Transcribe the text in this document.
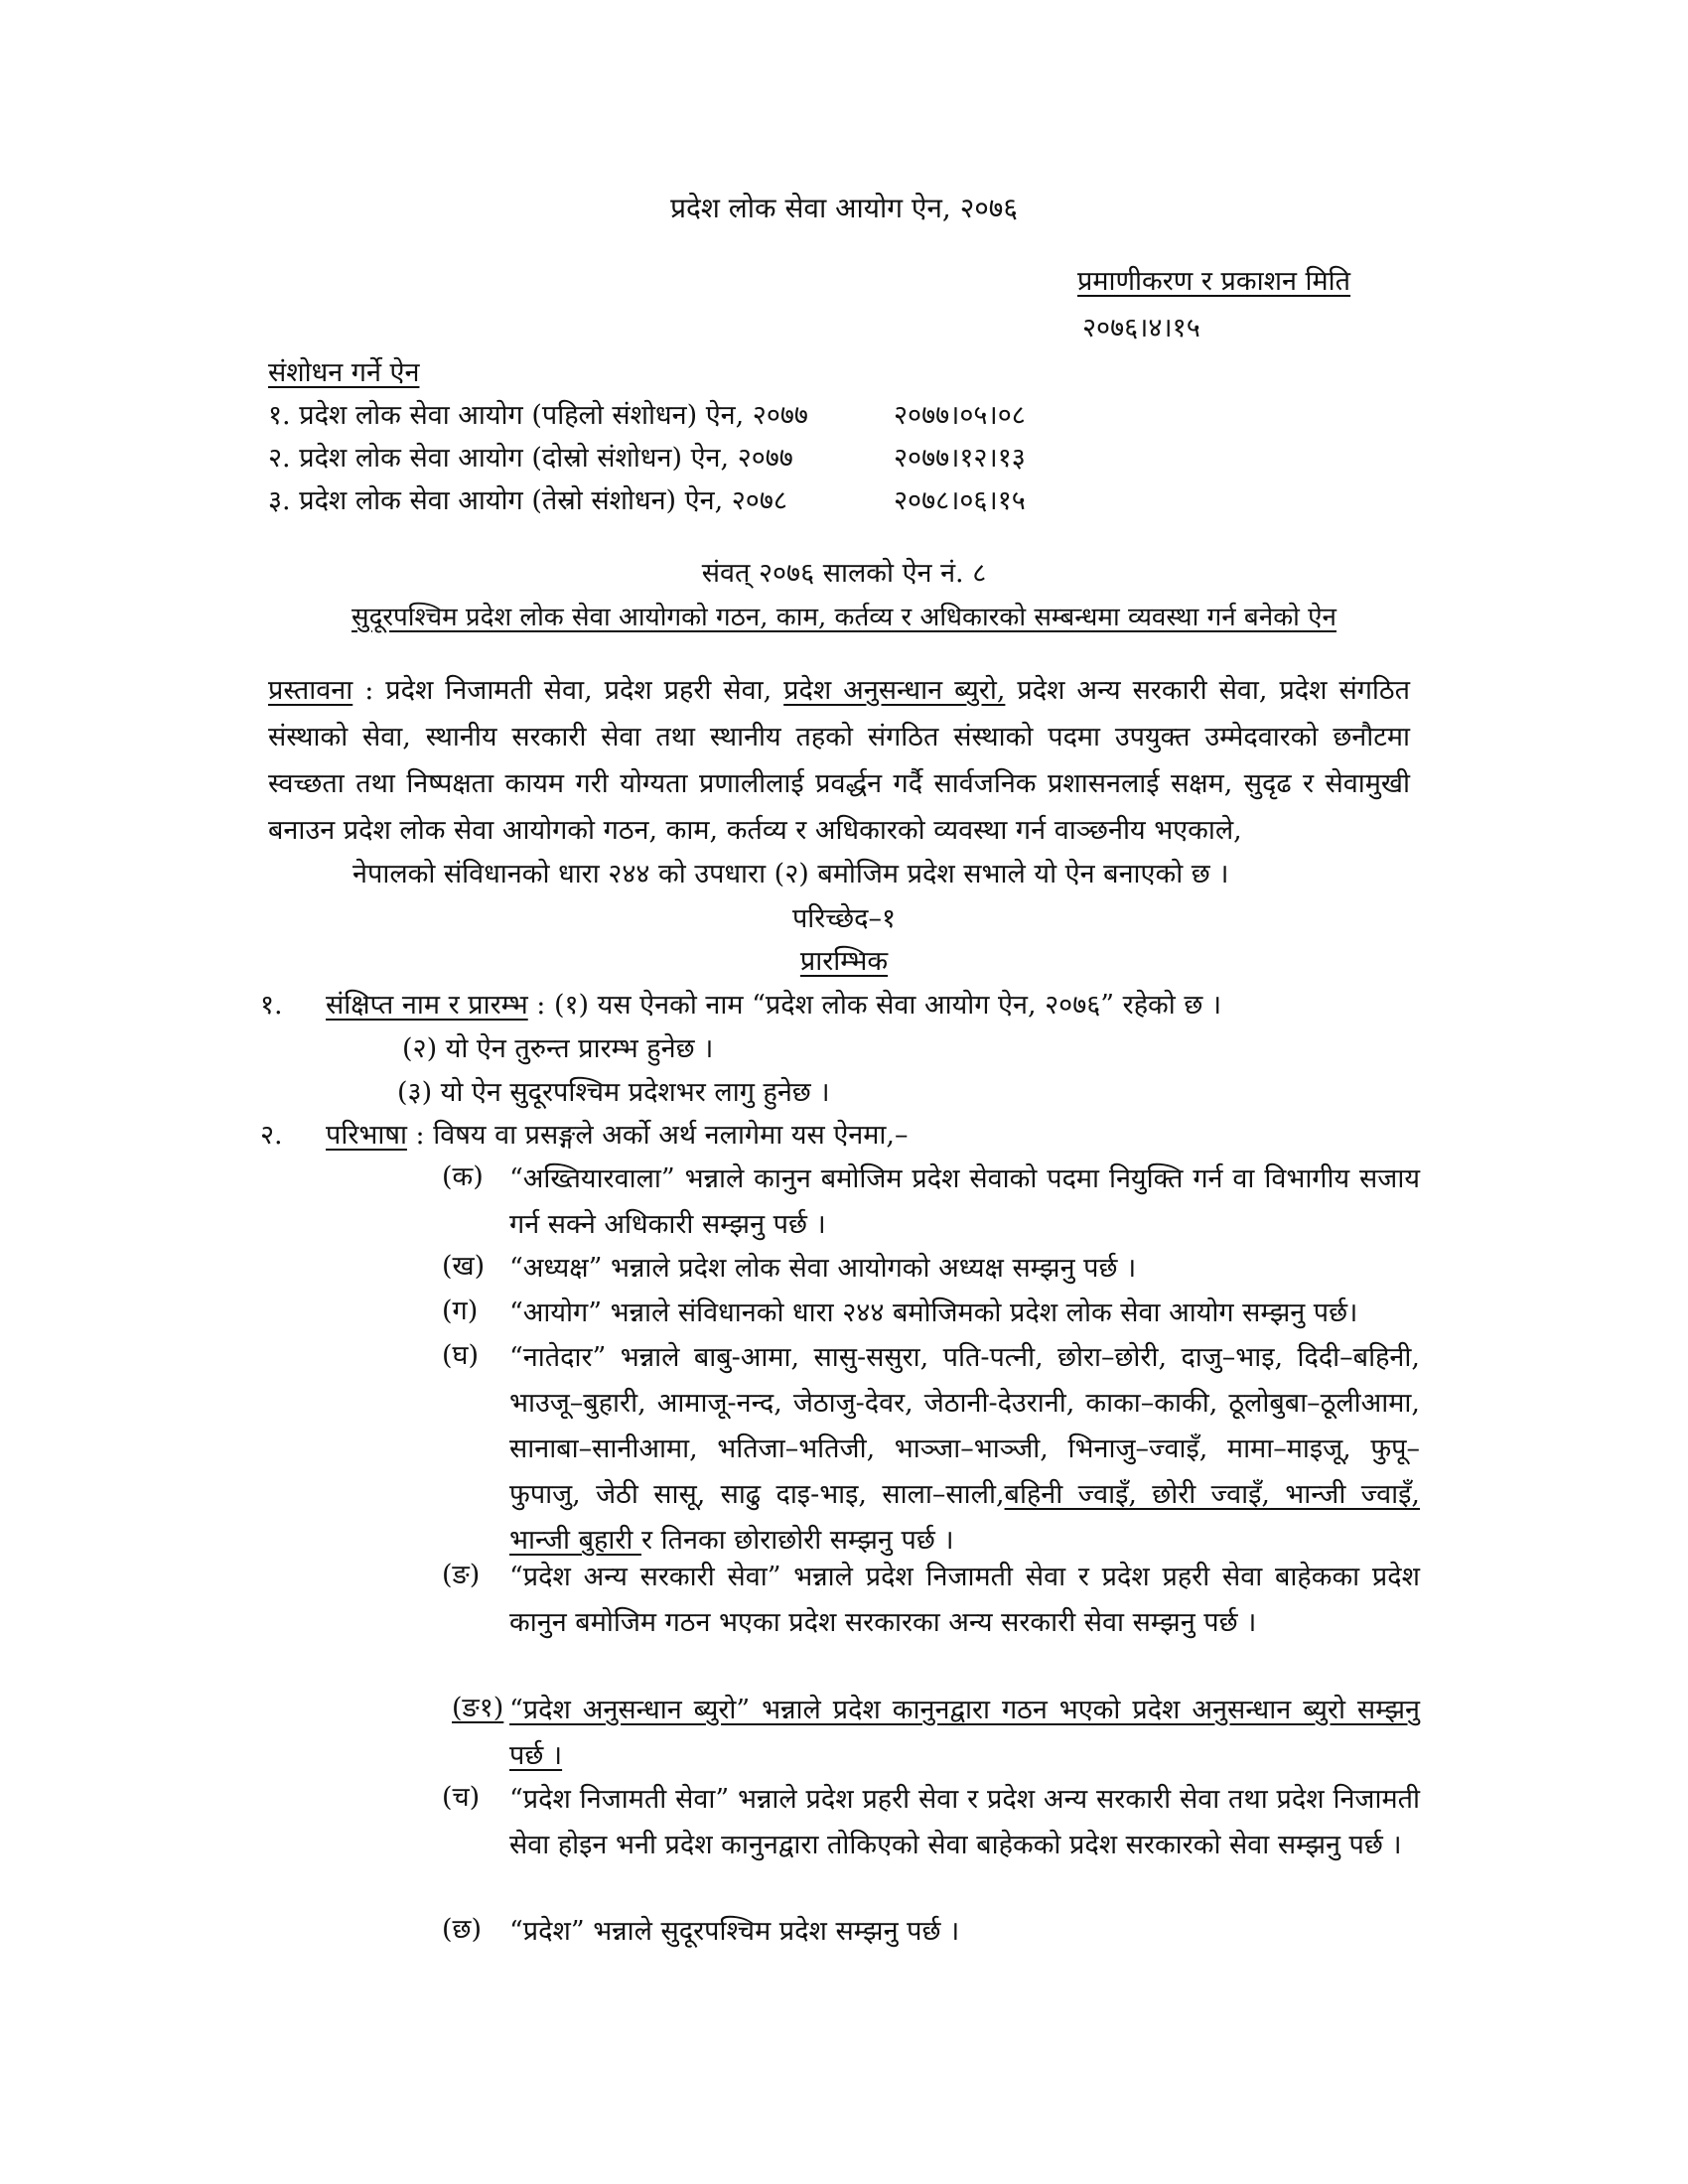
प्रदेश लोक सेवा आयोग ऐन, २०७६
प्रमाणीकरण र प्रकाशन मिति
२०७६।४।१५
संशोधन गर्ने ऐन
१. प्रदेश लोक सेवा आयोग (पहिलो संशोधन) ऐन, २०७७	२०७७।०५।०८
२. प्रदेश लोक सेवा आयोग (दोस्रो संशोधन) ऐन, २०७७	२०७७।१२।१३
३. प्रदेश लोक सेवा आयोग (तेस्रो संशोधन) ऐन, २०७८	२०७८।०६।१५
संवत् २०७६ सालको ऐन नं. ८
सुदूरपश्चिम प्रदेश लोक सेवा आयोगको गठन, काम, कर्तव्य र अधिकारको सम्बन्धमा व्यवस्था गर्न बनेको ऐन
प्रस्तावना : प्रदेश निजामती सेवा, प्रदेश प्रहरी सेवा, प्रदेश अनुसन्धान ब्युरो, प्रदेश अन्य सरकारी सेवा, प्रदेश संगठित संस्थाको सेवा, स्थानीय सरकारी सेवा तथा स्थानीय तहको संगठित संस्थाको पदमा उपयुक्त उम्मेदवारको छनौटमा स्वच्छता तथा निष्पक्षता कायम गरी योग्यता प्रणालीलाई प्रवर्द्धन गर्दै सार्वजनिक प्रशासनलाई सक्षम, सुदृढ र सेवामुखी बनाउन प्रदेश लोक सेवा आयोगको गठन, काम, कर्तव्य र अधिकारको व्यवस्था गर्न वाञ्छनीय भएकाले,
नेपालको संविधानको धारा २४४ को उपधारा (२) बमोजिम प्रदेश सभाले यो ऐन बनाएको छ ।
परिच्छेद–१
प्रारम्भिक
१. संक्षिप्त नाम र प्रारम्भ : (१) यस ऐनको नाम “प्रदेश लोक सेवा आयोग ऐन, २०७६” रहेको छ ।
(२) यो ऐन तुरुन्त प्रारम्भ हुनेछ ।
(३) यो ऐन सुदूरपश्चिम प्रदेशभर लागु हुनेछ ।
२. परिभाषा : विषय वा प्रसङ्गले अर्को अर्थ नलागेमा यस ऐनमा,–
(क) “अख्तियारवाला” भन्नाले कानुन बमोजिम प्रदेश सेवाको पदमा नियुक्ति गर्न वा विभागीय सजाय गर्न सक्ने अधिकारी सम्झनु पर्छ ।
(ख) “अध्यक्ष” भन्नाले प्रदेश लोक सेवा आयोगको अध्यक्ष सम्झनु पर्छ ।
(ग) “आयोग” भन्नाले संविधानको धारा २४४ बमोजिमको प्रदेश लोक सेवा आयोग सम्झनु पर्छ।
(घ) “नातेदार” भन्नाले बाबु-आमा, सासु-ससुरा, पति-पत्नी, छोरा–छोरी, दाजु–भाइ, दिदी–बहिनी, भाउजू–बुहारी, आमाजू-नन्द, जेठाजु-देवर, जेठानी-देउरानी, काका–काकी, ठूलोबुबा–ठूलीआमा, सानाबा–सानीआमा, भतिजा–भतिजी, भाञ्जा–भाञ्जी, भिनाजु–ज्वाइँ, मामा–माइजू, फुपू–फुपाजु, जेठी सासू, साढु दाइ-भाइ, साला–साली,बहिनी ज्वाइँ, छोरी ज्वाइँ, भान्जी ज्वाइँ, भान्जी बुहारी र तिनका छोराछोरी सम्झनु पर्छ ।
(ङ) “प्रदेश अन्य सरकारी सेवा” भन्नाले प्रदेश निजामती सेवा र प्रदेश प्रहरी सेवा बाहेकका प्रदेश कानुन बमोजिम गठन भएका प्रदेश सरकारका अन्य सरकारी सेवा सम्झनु पर्छ ।
(ङ१) “प्रदेश अनुसन्धान ब्युरो” भन्नाले प्रदेश कानुनद्वारा गठन भएको प्रदेश अनुसन्धान ब्युरो सम्झनु पर्छ ।
(च) “प्रदेश निजामती सेवा” भन्नाले प्रदेश प्रहरी सेवा र प्रदेश अन्य सरकारी सेवा तथा प्रदेश निजामती सेवा होइन भनी प्रदेश कानुनद्वारा तोकिएको सेवा बाहेकको प्रदेश सरकारको सेवा सम्झनु पर्छ ।
(छ) “प्रदेश” भन्नाले सुदूरपश्चिम प्रदेश सम्झनु पर्छ ।
